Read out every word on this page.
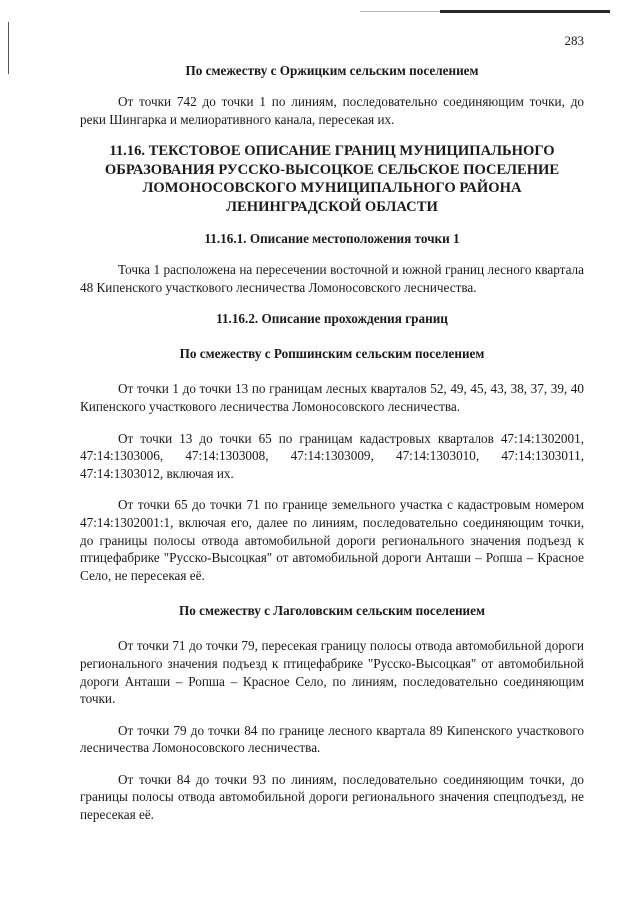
283

По смежеству с Оржицким сельским поселением

От точки 742 до точки 1 по линиям, последовательно соединяющим точки, до реки Шингарка и мелиоративного канала, пересекая их.

11.16. ТЕКСТОВОЕ ОПИСАНИЕ ГРАНИЦ МУНИЦИПАЛЬНОГО

ОБРАЗОВАНИЯ РУССКО-ВЫСОЦКОЕ СЕЛЬСКОЕ ПОСЕЛЕНИЕ

ЛОМОНОСОВСКОГО МУНИЦИПАЛЬНОГО РАЙОНА

ЛЕНИНГРАДСКОЙ ОБЛАСТИ

11.16.1. Описание местоположения точки 1

Точка 1 расположена на пересечении восточной и южной границ лесного квартала 48 Кипенского участкового лесничества Ломоносовского лесничества.

11.16.2. Описание прохождения границ

По смежеству с Ропшинским сельским поселением

От точки 1 до точки 13 по границам лесных кварталов 52, 49, 45, 43, 38, 37, 39, 40 Кипенского участкового лесничества Ломоносовского лесничества.

От точки 13 до точки 65 по границам кадастровых кварталов 47:14:1302001, 47:14:1303006, 47:14:1303008, 47:14:1303009, 47:14:1303010, 47:14:1303011, 47:14:1303012, включая их.

От точки 65 до точки 71 по границе земельного участка с кадастровым номером 47:14:1302001:1, включая его, далее по линиям, последовательно соединяющим точки, до границы полосы отвода автомобильной дороги регионального значения подъезд к птицефабрике "Русско-Высоцкая" от автомобильной дороги Анташи – Ропша – Красное Село, не пересекая её.

По смежеству с Лаголовским сельским поселением

От точки 71 до точки 79, пересекая границу полосы отвода автомобильной дороги регионального значения подъезд к птицефабрике "Русско-Высоцкая" от автомобильной дороги Анташи – Ропша – Красное Село, по линиям, последовательно соединяющим точки.

От точки 79 до точки 84 по границе лесного квартала 89 Кипенского участкового лесничества Ломоносовского лесничества.

От точки 84 до точки 93 по линиям, последовательно соединяющим точки, до границы полосы отвода автомобильной дороги регионального значения спецподъезд, не пересекая её.
